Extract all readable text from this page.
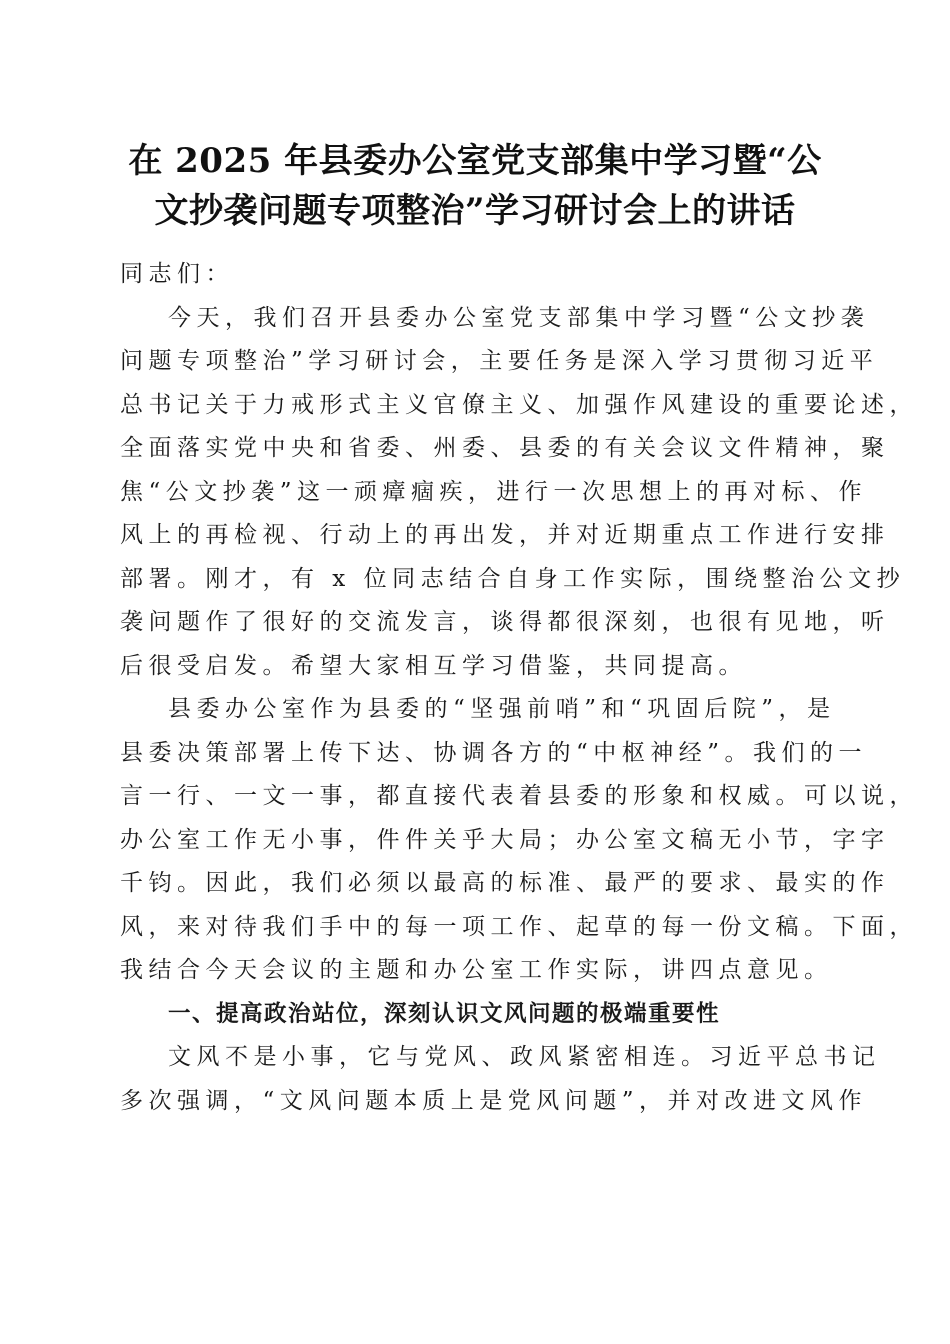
在 2025 年县委办公室党支部集中学习暨“公
文抄袭问题专项整治”学习研讨会上的讲话
同志们：
今天，我们召开县委办公室党支部集中学习暨“公文抄袭
问题专项整治”学习研讨会，主要任务是深入学习贯彻习近平
总书记关于力戒形式主义官僚主义、加强作风建设的重要论述，
全面落实党中央和省委、州委、县委的有关会议文件精神，聚
焦“公文抄袭”这一顽瘴痼疾，进行一次思想上的再对标、作
风上的再检视、行动上的再出发，并对近期重点工作进行安排
部署。刚才，有 x 位同志结合自身工作实际，围绕整治公文抄
袭问题作了很好的交流发言，谈得都很深刻，也很有见地，听
后很受启发。希望大家相互学习借鉴，共同提高。
县委办公室作为县委的“坚强前哨”和“巩固后院”，是
县委决策部署上传下达、协调各方的“中枢神经”。我们的一
言一行、一文一事，都直接代表着县委的形象和权威。可以说，
办公室工作无小事，件件关乎大局；办公室文稿无小节，字字
千钧。因此，我们必须以最高的标准、最严的要求、最实的作
风，来对待我们手中的每一项工作、起草的每一份文稿。下面，
我结合今天会议的主题和办公室工作实际，讲四点意见。
一、提高政治站位，深刻认识文风问题的极端重要性
文风不是小事，它与党风、政风紧密相连。习近平总书记
多次强调，“文风问题本质上是党风问题”，并对改进文风作
